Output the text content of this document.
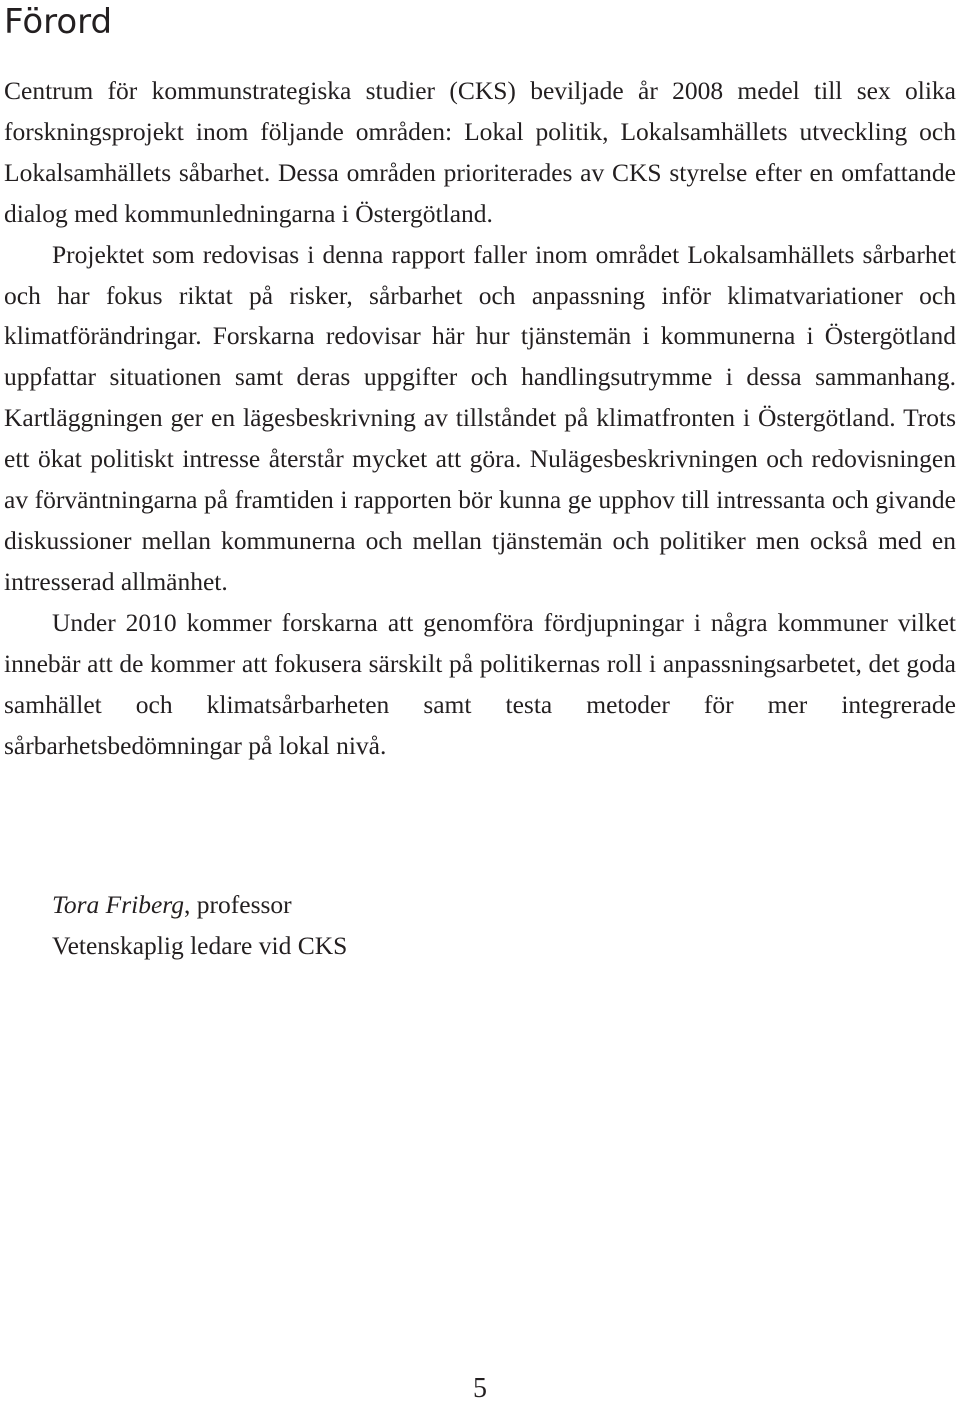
Förord

Centrum för kommunstrategiska studier (CKS) beviljade år 2008 medel till sex olika forskningsprojekt inom följande områden: Lokal politik, Lokalsamhällets utveckling och Lokalsamhällets såbarhet. Dessa områden prioriterades av CKS styrelse efter en omfattande dialog med kommunledningarna i Östergötland.

Projektet som redovisas i denna rapport faller inom området Lokalsamhällets sårbarhet och har fokus riktat på risker, sårbarhet och anpassning inför klimatvariationer och klimatförändringar. Forskarna redovisar här hur tjänstemän i kommunerna i Östergötland uppfattar situationen samt deras uppgifter och handlingsutrymme i dessa sammanhang. Kartläggningen ger en lägesbeskrivning av tillståndet på klimatfronten i Östergötland. Trots ett ökat politiskt intresse återstår mycket att göra. Nulägesbeskrivningen och redovisningen av förväntningarna på framtiden i rapporten bör kunna ge upphov till intressanta och givande diskussioner mellan kommunerna och mellan tjänstemän och politiker men också med en intresserad allmänhet.

Under 2010 kommer forskarna att genomföra fördjupningar i några kommuner vilket innebär att de kommer att fokusera särskilt på politikernas roll i anpassningsarbetet, det goda samhället och klimatsårbarheten samt testa metoder för mer integrerade sårbarhetsbedömningar på lokal nivå.

Tora Friberg, professor
Vetenskaplig ledare vid CKS
5
